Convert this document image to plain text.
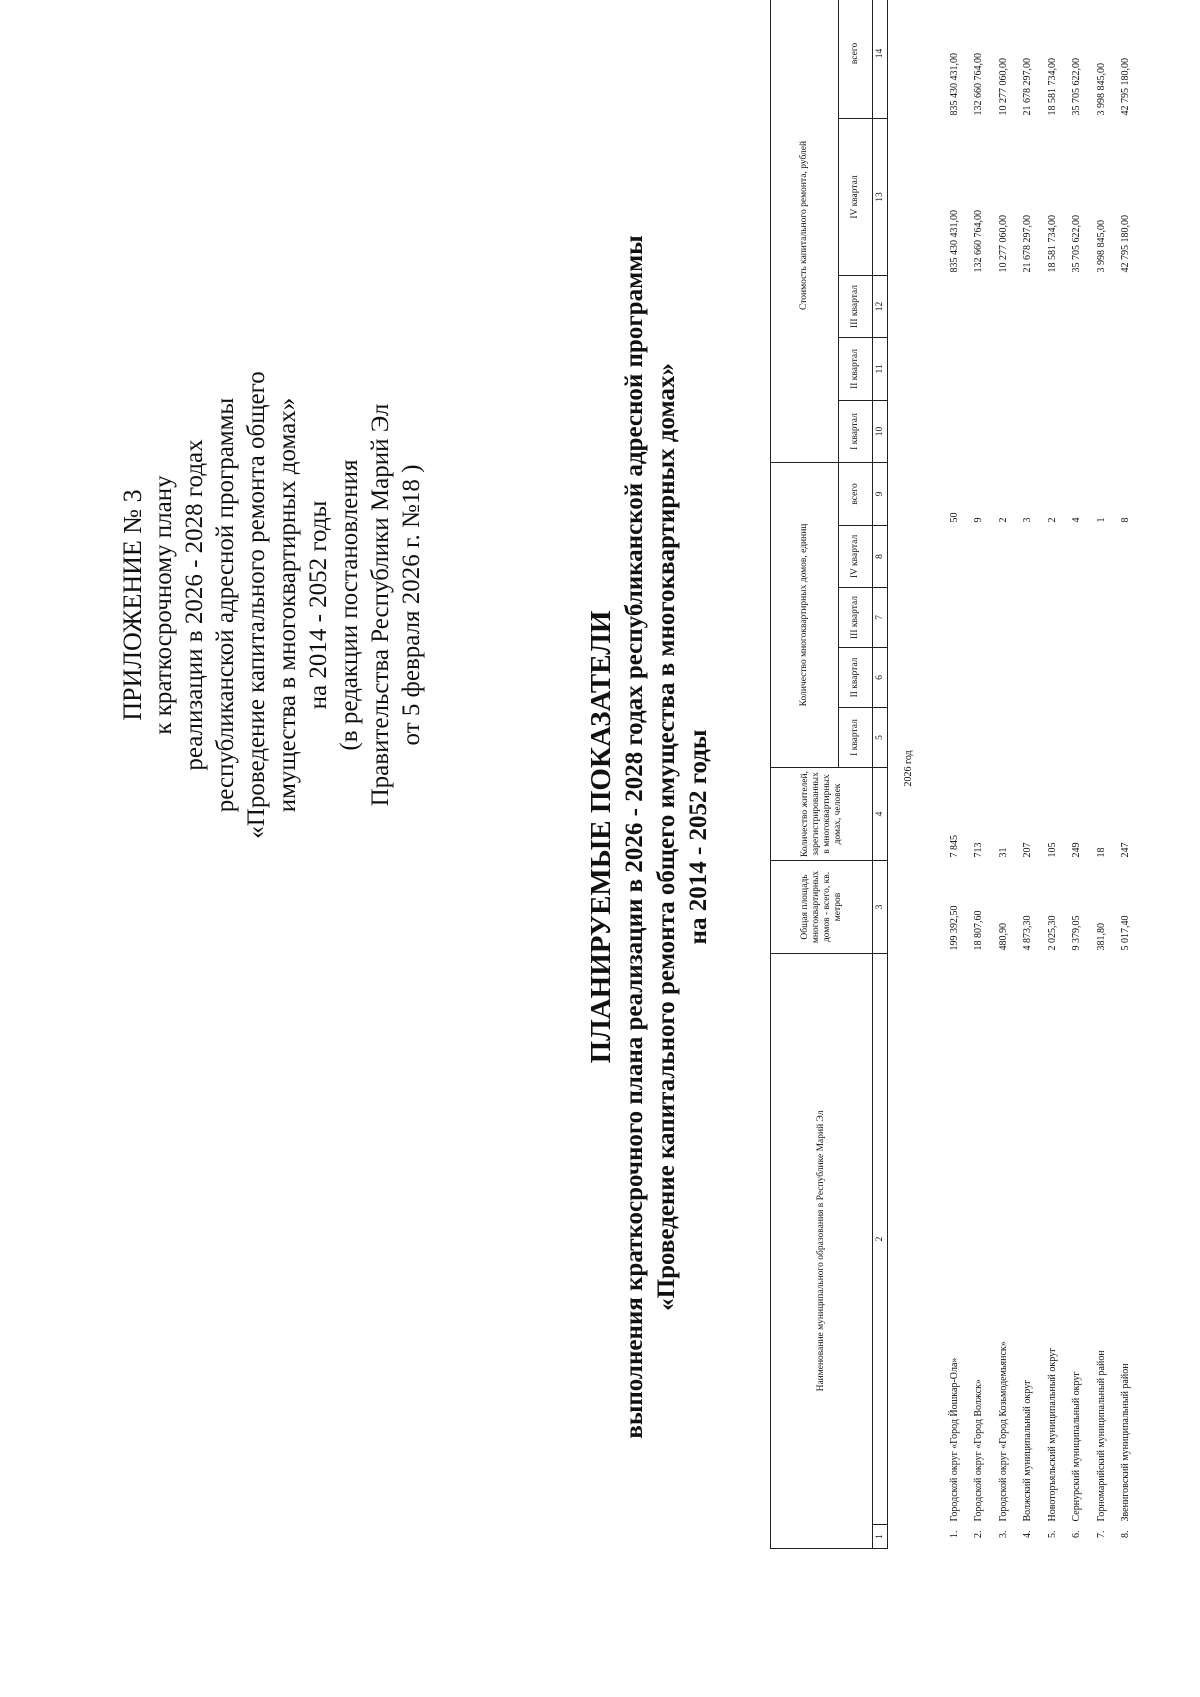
ПРИЛОЖЕНИЕ № 3 к краткосрочному плану реализации в 2026 - 2028 годах республиканской адресной программы «Проведение капитального ремонта общего имущества в многоквартирных домах» на 2014 - 2052 годы (в редакции постановления Правительства Республики Марий Эл от 5 февраля 2026 г. №18 )
ПЛАНИРУЕМЫЕ ПОКАЗАТЕЛИ выполнения краткосрочного плана реализации в 2026 - 2028 годах республиканской адресной программы «Проведение капитального ремонта общего имущества в многоквартирных домах» на 2014 - 2052 годы
Наименование муниципального образования в Республике Марий Эл		Общая площадь многоквартирных домов - всего, кв. метров	Количество жителей, зарегистрированных в многоквартирных домах, человек	Количество многоквартирных домов, единиц					Стоимость капитального ремонта, рублей				
				I квартал	II квартал	III квартал	IV квартал	всего	I квартал	II квартал	III квартал	IV квартал	всего
1	2	3	4	5	6	7	8	9	10	11	12	13	14
2026 год													

1.	Городской округ «Город Йошкар-Ола»	199 392,50	7 845					50				835 430 431,00	835 430 431,00
2.	Городской округ «Город Волжск»	18 807,60	713					9				132 660 764,00	132 660 764,00
3.	Городской округ «Город Козьмодемьянск»	480,90	31					2				10 277 060,00	10 277 060,00
4.	Волжский муниципальный округ	4 873,30	207					3				21 678 297,00	21 678 297,00
5.	Новоторъяльский муниципальный округ	2 025,30	105					2				18 581 734,00	18 581 734,00
6.	Сернурский муниципальный округ	9 379,05	249					4				35 705 622,00	35 705 622,00
7.	Горномарийский муниципальный район	381,80	18					1				3 998 845,00	3 998 845,00
8.	Звениговский муниципальный район	5 017,40	247					8				42 795 180,00	42 795 180,00
